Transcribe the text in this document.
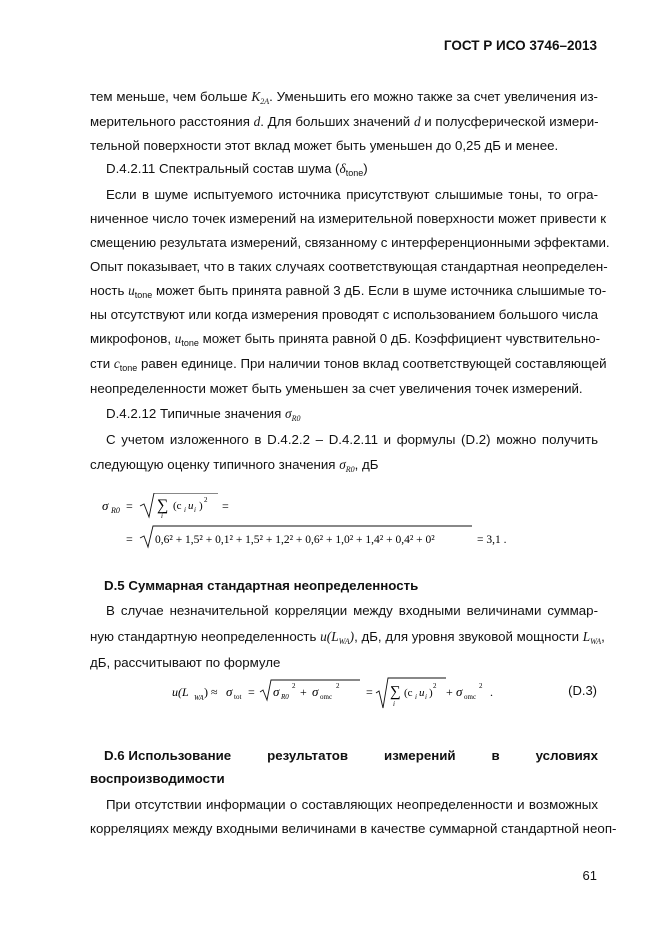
ГОСТ Р ИСО 3746–2013
тем меньше, чем больше $K_{2A}$. Уменьшить его можно также за счет увеличения из-
мерительного расстояния d. Для больших значений d и полусферической измери-
тельной поверхности этот вклад может быть уменьшен до 0,25 дБ и менее.
D.4.2.11 Спектральный состав шума $(\delta_{tone})$
Если в шуме испытуемого источника присутствуют слышимые тоны, то огра-
ниченное число точек измерений на измерительной поверхности может привести к
смещению результата измерений, связанному с интерференционными эффектами.
Опыт показывает, что в таких случаях соответствующая стандартная неопределен-
ность $u_{tone}$ может быть принята равной 3 дБ. Если в шуме источника слышимые то-
ны отсутствуют или когда измерения проводят с использованием большого числа
микрофонов, $u_{tone}$ может быть принята равной 0 дБ. Коэффициент чувствительно-
сти $c_{tone}$ равен единице. При наличии тонов вклад соответствующей составляющей
неопределенности может быть уменьшен за счет увеличения точек измерений.
D.4.2.12 Типичные значения $\sigma_{R0}$
С учетом изложенного в D.4.2.2 – D.4.2.11 и формулы (D.2) можно получить
следующую оценку типичного значения $\sigma_{R0}$, дБ
σ R0 = ∑
i
(c i u i ) 2 =
= 0,6² + 1,5² + 0,1² + 1,5² + 1,2² + 0,6² + 1,0² + 1,4² + 0,4² + 0²	= 3,1 .
D.5 Суммарная стандартная неопределенность
В случае незначительной корреляции между входными величинами суммар-
ную стандартную неопределенность $u(L_{WA})$, дБ, для уровня звуковой мощности $L_{WA}$,
дБ, рассчитывают по формуле
u(L WA ) ≈ σ tot = σ R0
2 + σ omc
2 = ∑
i
(c i u i )
2 + σ omc
2 .	(D.3)
D.6 Использование	результатов	измерений	в	условиях
воспроизводимости
При отсутствии информации о составляющих неопределенности и возможных
корреляциях между входными величинами в качестве суммарной стандартной неоп-
61
